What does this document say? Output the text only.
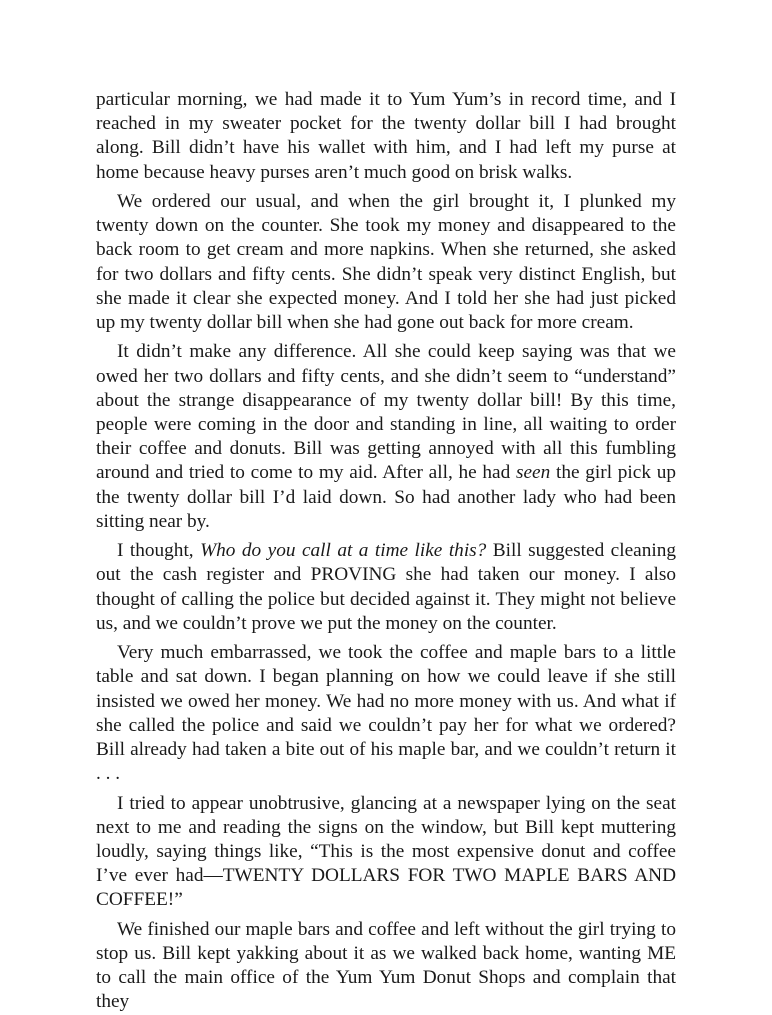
particular morning, we had made it to Yum Yum’s in record time, and I reached in my sweater pocket for the twenty dollar bill I had brought along. Bill didn’t have his wallet with him, and I had left my purse at home because heavy purses aren’t much good on brisk walks.

We ordered our usual, and when the girl brought it, I plunked my twenty down on the counter. She took my money and disappeared to the back room to get cream and more napkins. When she returned, she asked for two dollars and fifty cents. She didn’t speak very distinct English, but she made it clear she expected money. And I told her she had just picked up my twenty dollar bill when she had gone out back for more cream.

It didn’t make any difference. All she could keep saying was that we owed her two dollars and fifty cents, and she didn’t seem to “understand” about the strange disappearance of my twenty dollar bill! By this time, people were coming in the door and standing in line, all waiting to order their coffee and donuts. Bill was getting annoyed with all this fumbling around and tried to come to my aid. After all, he had seen the girl pick up the twenty dollar bill I’d laid down. So had another lady who had been sitting near by.

I thought, Who do you call at a time like this? Bill suggested cleaning out the cash register and PROVING she had taken our money. I also thought of calling the police but decided against it. They might not believe us, and we couldn’t prove we put the money on the counter.

Very much embarrassed, we took the coffee and maple bars to a little table and sat down. I began planning on how we could leave if she still insisted we owed her money. We had no more money with us. And what if she called the police and said we couldn’t pay her for what we ordered? Bill already had taken a bite out of his maple bar, and we couldn’t return it . . .

I tried to appear unobtrusive, glancing at a newspaper lying on the seat next to me and reading the signs on the window, but Bill kept muttering loudly, saying things like, “This is the most expensive donut and coffee I’ve ever had—TWENTY DOLLARS FOR TWO MAPLE BARS AND COFFEE!”

We finished our maple bars and coffee and left without the girl trying to stop us. Bill kept yakking about it as we walked back home, wanting ME to call the main office of the Yum Yum Donut Shops and complain that they
